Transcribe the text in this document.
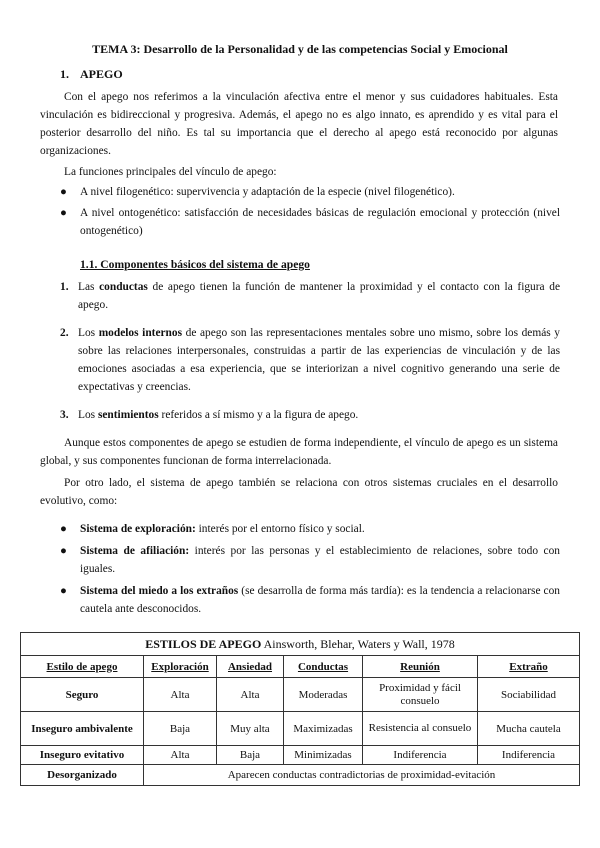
TEMA 3: Desarrollo de la Personalidad y de las competencias Social y Emocional
1. APEGO
Con el apego nos referimos a la vinculación afectiva entre el menor y sus cuidadores habituales. Esta vinculación es bidireccional y progresiva. Además, el apego no es algo innato, es aprendido y es vital para el posterior desarrollo del niño. Es tal su importancia que el derecho al apego está reconocido por algunas organizaciones.
La funciones principales del vínculo de apego:
● A nivel filogenético: supervivencia y adaptación de la especie (nivel filogenético).
● A nivel ontogenético: satisfacción de necesidades básicas de regulación emocional y protección (nivel ontogenético)
1.1. Componentes básicos del sistema de apego
1. Las conductas de apego tienen la función de mantener la proximidad y el contacto con la figura de apego.
2. Los modelos internos de apego son las representaciones mentales sobre uno mismo, sobre los demás y sobre las relaciones interpersonales, construidas a partir de las experiencias de vinculación y de las emociones asociadas a esa experiencia, que se interiorizan a nivel cognitivo generando una serie de expectativas y creencias.
3. Los sentimientos referidos a sí mismo y a la figura de apego.
Aunque estos componentes de apego se estudien de forma independiente, el vínculo de apego es un sistema global, y sus componentes funcionan de forma interrelacionada.
Por otro lado, el sistema de apego también se relaciona con otros sistemas cruciales en el desarrollo evolutivo, como:
● Sistema de exploración: interés por el entorno físico y social.
● Sistema de afiliación: interés por las personas y el establecimiento de relaciones, sobre todo con iguales.
● Sistema del miedo a los extraños (se desarrolla de forma más tardía): es la tendencia a relacionarse con cautela ante desconocidos.
ESTILOS DE APEGO Ainsworth, Blehar, Waters y Wall, 1978					
Estilo de apego	Exploración	Ansiedad	Conductas	Reunión	Extraño
Seguro	Alta	Alta	Moderadas	Proximidad y fácil consuelo	Sociabilidad
Inseguro ambivalente	Baja	Muy alta	Maximizadas	Resistencia al consuelo	Mucha cautela
Inseguro evitativo	Alta	Baja	Minimizadas	Indiferencia	Indiferencia
Desorganizado	Aparecen conductas contradictorias de proximidad-evitación				
